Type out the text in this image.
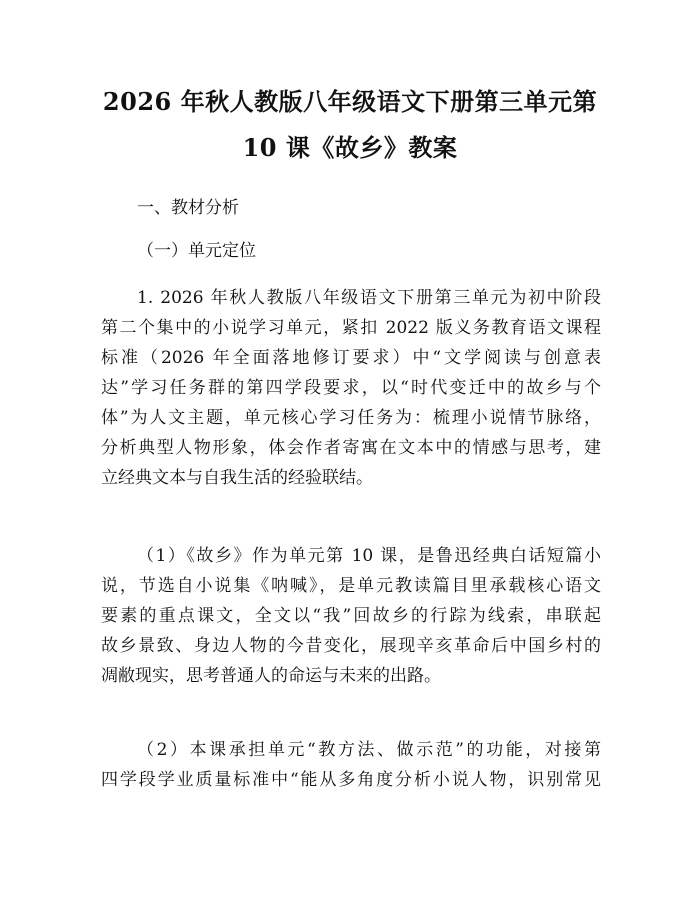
2026 年秋人教版八年级语文下册第三单元第
10 课《故乡》教案
一、教材分析
（一）单元定位
1. 2026 年秋人教版八年级语文下册第三单元为初中阶段
第二个集中的小说学习单元，紧扣 2022 版义务教育语文课程
标准（2026 年全面落地修订要求）中“文学阅读与创意表
达”学习任务群的第四学段要求，以“时代变迁中的故乡与个
体”为人文主题，单元核心学习任务为：梳理小说情节脉络，
分析典型人物形象，体会作者寄寓在文本中的情感与思考，建
立经典文本与自我生活的经验联结。
（1）《故乡》作为单元第 10 课，是鲁迅经典白话短篇小
说，节选自小说集《呐喊》，是单元教读篇目里承载核心语文
要素的重点课文，全文以“我”回故乡的行踪为线索，串联起
故乡景致、身边人物的今昔变化，展现辛亥革命后中国乡村的
凋敝现实，思考普通人的命运与未来的出路。
（2）本课承担单元“教方法、做示范”的功能，对接第
四学段学业质量标准中“能从多角度分析小说人物，识别常见
